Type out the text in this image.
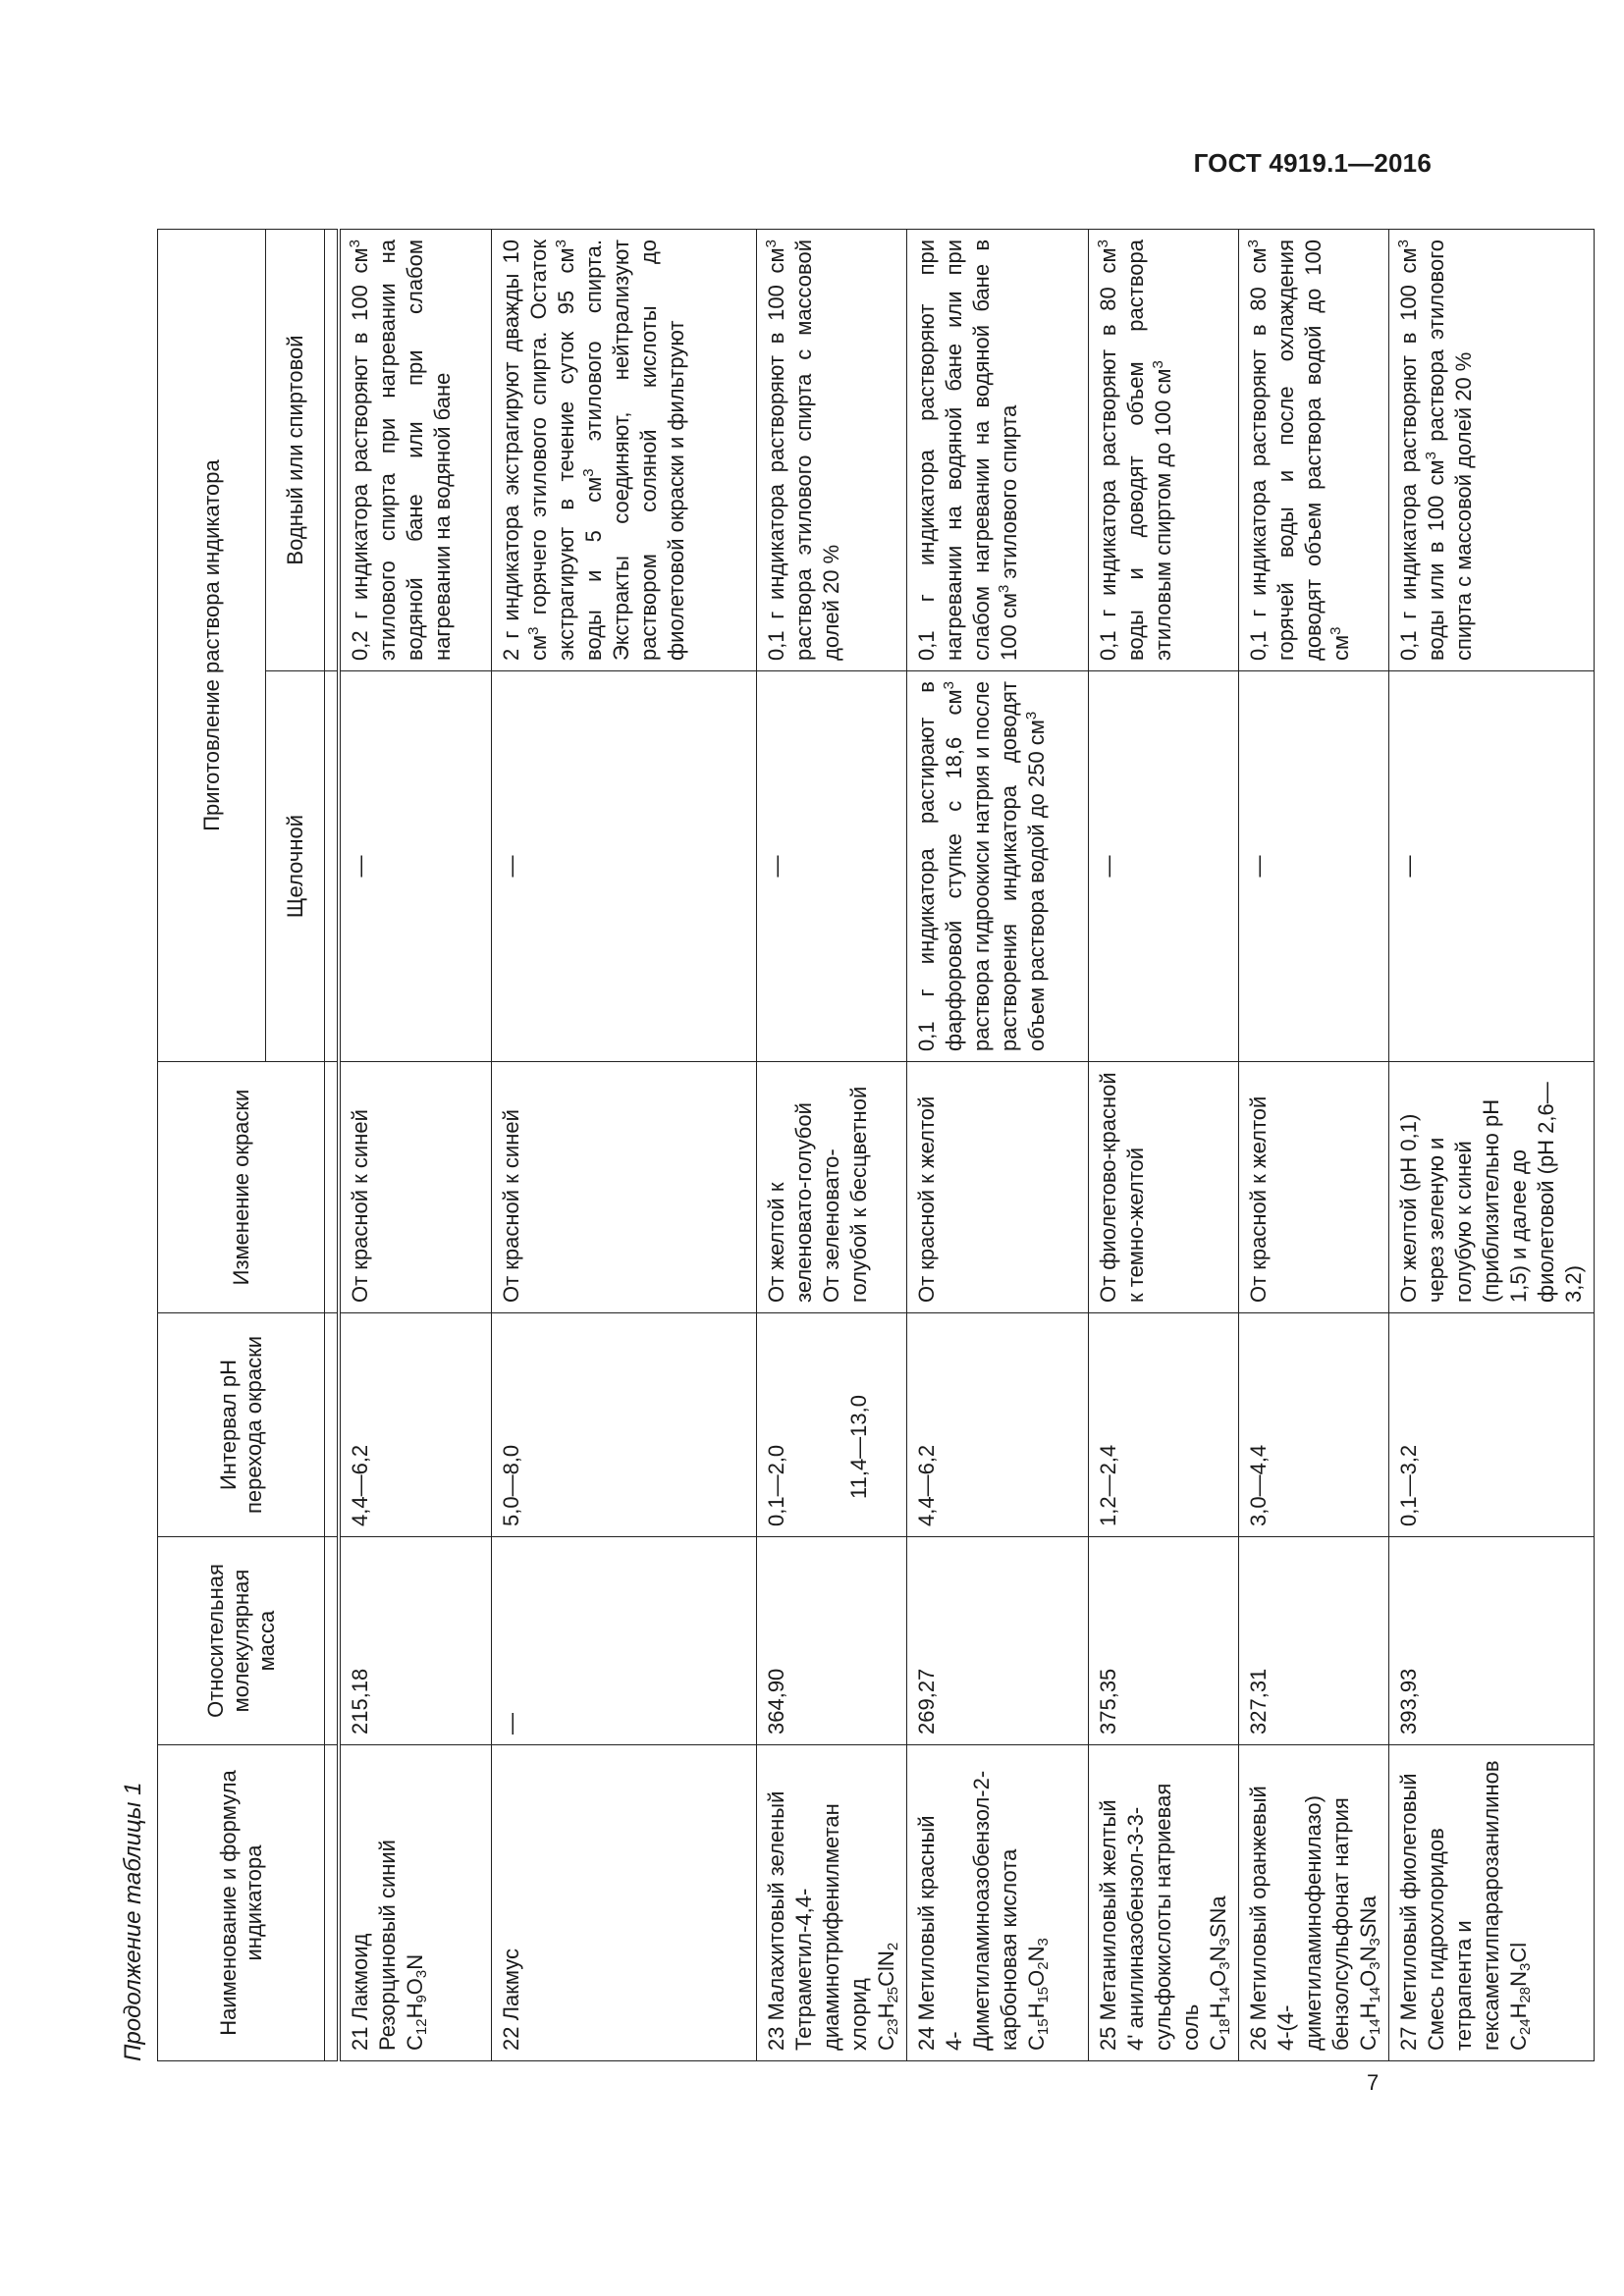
ГОСТ 4919.1—2016
Продолжение таблицы 1	Наименование и формула индикатора	Относительная молекулярная масса	Интервал pH перехода окраски	Изменение окраски	Приготовление раствора индикатора	
				Щелочной	Водный или спиртовой

21 Лакмоид Резорциновый синий $C_{12}H_9O_3N$	215,18	4,4—6,2	От красной к синей	—	0,2 г индикатора растворяют в 100 $см^3$ этилового спирта при нагревании на водяной бане или при слабом нагревании на водяной бане

22 Лакмус	—	5,0—8,0	От красной к синей	—	2 г индикатора экстрагируют дважды 10 $см^3$ горячего этилового спирта. Остаток экстрагируют в течение суток 95 $см^3$ воды и 5 $см^3$ этилового спирта. Экстракты соединяют, нейтрализуют раствором соляной кислоты до фиолетовой окраски и фильтруют

23 Малахитовый зеленый Тетраметил-4,4-диаминотрифенилметан хлорид $C_{23}H_{25}ClN_2$	364,90	0,1—2,0 11,4—13,0	От желтой к зеленовато-голубой От зеленовато-голубой к бесцветной	—	0,1 г индикатора растворяют в 100 $см^3$ раствора этилового спирта с массовой долей 20 %

24 Метиловый красный 4-Диметиламиноазобензол-2-карбоновая кислота $C_{15}H_{15}O_2N_3$	269,27	4,4—6,2	От красной к желтой	0,1 г индикатора растирают в фарфоровой ступке с 18,6 $см^3$ раствора гидроокиси натрия и после растворения индикатора доводят объем раствора водой до 250 $см^3$	0,1 г индикатора растворяют при нагревании на водяной бане или при слабом нагревании на водяной бане в 100 $см^3$ этилового спирта

25 Метаниловый желтый 4' анилиназобензол-3-3-сульфокислоты натриевая соль $C_{18}H_{14}O_3N_3SNa$	375,35	1,2—2,4	От фиолетово-красной к темно-желтой	—	0,1 г индикатора растворяют в 80 $см^3$ воды и доводят объем раствора этиловым спиртом до 100 $см^3$

26 Метиловый оранжевый 4-(4-диметиламинофенилазо) бензолсульфонат натрия $C_{14}H_{14}O_3N_3SNa$	327,31	3,0—4,4	От красной к желтой	—	0,1 г индикатора растворяют в 80 $см^3$ горячей воды и после охлаждения доводят объем раствора водой до 100 $см^3$

27 Метиловый фиолетовый Смесь гидрохлоридов тетрапента и гексаметилпарарозанилинов $C_{24}H_{28}N_3Cl$	393,93	0,1—3,2	От желтой (pH 0,1) через зеленую и голубую к синей (приблизительно pH 1,5) и далее до фиолетовой (pH 2,6—3,2)	—	0,1 г индикатора растворяют в 100 $см^3$ воды или в 100 $см^3$ раствора этилового спирта с массовой долей 20 %
7
